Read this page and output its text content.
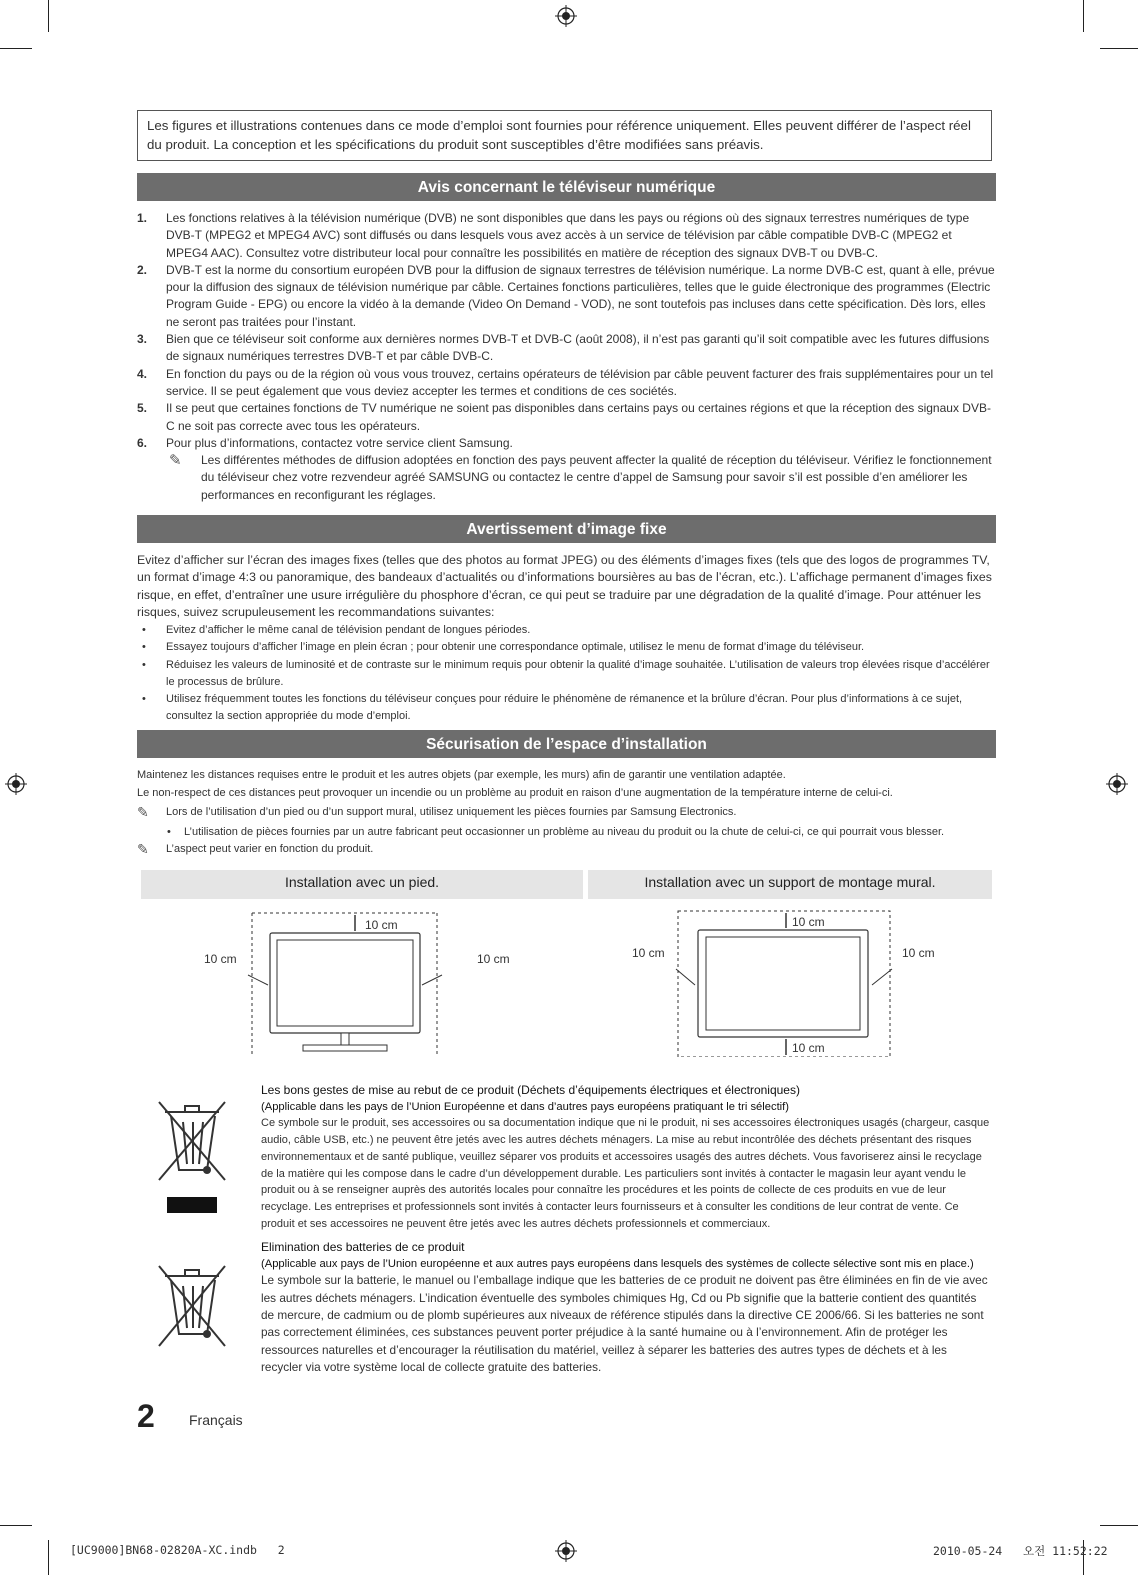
Les figures et illustrations contenues dans ce mode d’emploi sont fournies pour référence uniquement. Elles peuvent différer de l’aspect réel du produit. La conception et les spécifications du produit sont susceptibles d’être modifiées sans préavis.
Avis concernant le téléviseur numérique
1. Les fonctions relatives à la télévision numérique (DVB) ne sont disponibles que dans les pays ou régions où des signaux terrestres numériques de type DVB-T (MPEG2 et MPEG4 AVC) sont diffusés ou dans lesquels vous avez accès à un service de télévision par câble compatible DVB-C (MPEG2 et MPEG4 AAC). Consultez votre distributeur local pour connaître les possibilités en matière de réception des signaux DVB-T ou DVB-C.
2. DVB-T est la norme du consortium européen DVB pour la diffusion de signaux terrestres de télévision numérique. La norme DVB-C est, quant à elle, prévue pour la diffusion des signaux de télévision numérique par câble. Certaines fonctions particulières, telles que le guide électronique des programmes (Electric Program Guide - EPG) ou encore la vidéo à la demande (Video On Demand - VOD), ne sont toutefois pas incluses dans cette spécification. Dès lors, elles ne seront pas traitées pour l’instant.
3. Bien que ce téléviseur soit conforme aux dernières normes DVB-T et DVB-C (août 2008), il n’est pas garanti qu’il soit compatible avec les futures diffusions de signaux numériques terrestres DVB-T et par câble DVB-C.
4. En fonction du pays ou de la région où vous vous trouvez, certains opérateurs de télévision par câble peuvent facturer des frais supplémentaires pour un tel service. Il se peut également que vous deviez accepter les termes et conditions de ces sociétés.
5. Il se peut que certaines fonctions de TV numérique ne soient pas disponibles dans certains pays ou certaines régions et que la réception des signaux DVB-C ne soit pas correcte avec tous les opérateurs.
6. Pour plus d’informations, contactez votre service client Samsung.
✎ Les différentes méthodes de diffusion adoptées en fonction des pays peuvent affecter la qualité de réception du téléviseur. Vérifiez le fonctionnement du téléviseur chez votre rezvendeur agréé SAMSUNG ou contactez le centre d’appel de Samsung pour savoir s’il est possible d’en améliorer les performances en reconfigurant les réglages.
Avertissement d’image fixe
Evitez d’afficher sur l’écran des images fixes (telles que des photos au format JPEG) ou des éléments d’images fixes (tels que des logos de programmes TV, un format d’image 4:3 ou panoramique, des bandeaux d’actualités ou d’informations boursières au bas de l’écran, etc.). L’affichage permanent d’images fixes risque, en effet, d’entraîner une usure irrégulière du phosphore d’écran, ce qui peut se traduire par une dégradation de la qualité d’image. Pour atténuer les risques, suivez scrupuleusement les recommandations suivantes:
• Evitez d’afficher le même canal de télévision pendant de longues périodes.
• Essayez toujours d’afficher l’image en plein écran ; pour obtenir une correspondance optimale, utilisez le menu de format d’image du téléviseur.
• Réduisez les valeurs de luminosité et de contraste sur le minimum requis pour obtenir la qualité d’image souhaitée. L’utilisation de valeurs trop élevées risque d’accélérer le processus de brûlure.
• Utilisez fréquemment toutes les fonctions du téléviseur conçues pour réduire le phénomène de rémanence et la brûlure d’écran. Pour plus d’informations à ce sujet, consultez la section appropriée du mode d’emploi.
Sécurisation de l’espace d’installation
Maintenez les distances requises entre le produit et les autres objets (par exemple, les murs) afin de garantir une ventilation adaptée.
Le non-respect de ces distances peut provoquer un incendie ou un problème au produit en raison d’une augmentation de la température interne de celui-ci.
✎ Lors de l’utilisation d’un pied ou d’un support mural, utilisez uniquement les pièces fournies par Samsung Electronics.
• L’utilisation de pièces fournies par un autre fabricant peut occasionner un problème au niveau du produit ou la chute de celui-ci, ce qui pourrait vous blesser.
✎ L’aspect peut varier en fonction du produit.
Installation avec un pied.	Installation avec un support de montage mural.
10 cm
10 cm	10 cm
10 cm
10 cm	10 cm
10 cm
Les bons gestes de mise au rebut de ce produit (Déchets d’équipements électriques et électroniques)
(Applicable dans les pays de l’Union Européenne et dans d’autres pays européens pratiquant le tri sélectif)
Ce symbole sur le produit, ses accessoires ou sa documentation indique que ni le produit, ni ses accessoires électroniques usagés (chargeur, casque audio, câble USB, etc.) ne peuvent être jetés avec les autres déchets ménagers. La mise au rebut incontrôlée des déchets présentant des risques environnementaux et de santé publique, veuillez séparer vos produits et accessoires usagés des autres déchets. Vous favoriserez ainsi le recyclage de la matière qui les compose dans le cadre d’un développement durable. Les particuliers sont invités à contacter le magasin leur ayant vendu le produit ou à se renseigner auprès des autorités locales pour connaître les procédures et les points de collecte de ces produits en vue de leur recyclage. Les entreprises et professionnels sont invités à contacter leurs fournisseurs et à consulter les conditions de leur contrat de vente. Ce produit et ses accessoires ne peuvent être jetés avec les autres déchets professionnels et commerciaux.
Elimination des batteries de ce produit
(Applicable aux pays de l’Union européenne et aux autres pays européens dans lesquels des systèmes de collecte sélective sont mis en place.)
Le symbole sur la batterie, le manuel ou l’emballage indique que les batteries de ce produit ne doivent pas être éliminées en fin de vie avec les autres déchets ménagers. L’indication éventuelle des symboles chimiques Hg, Cd ou Pb signifie que la batterie contient des quantités de mercure, de cadmium ou de plomb supérieures aux niveaux de référence stipulés dans la directive CE 2006/66. Si les batteries ne sont pas correctement éliminées, ces substances peuvent porter préjudice à la santé humaine ou à l’environnement. Afin de protéger les ressources naturelles et d’encourager la réutilisation du matériel, veillez à séparer les batteries des autres types de déchets et à les recycler via votre système local de collecte gratuite des batteries.
2 Français
[UC9000]BN68-02820A-XC.indb   2	2010-05-24   오전 11:52:22
